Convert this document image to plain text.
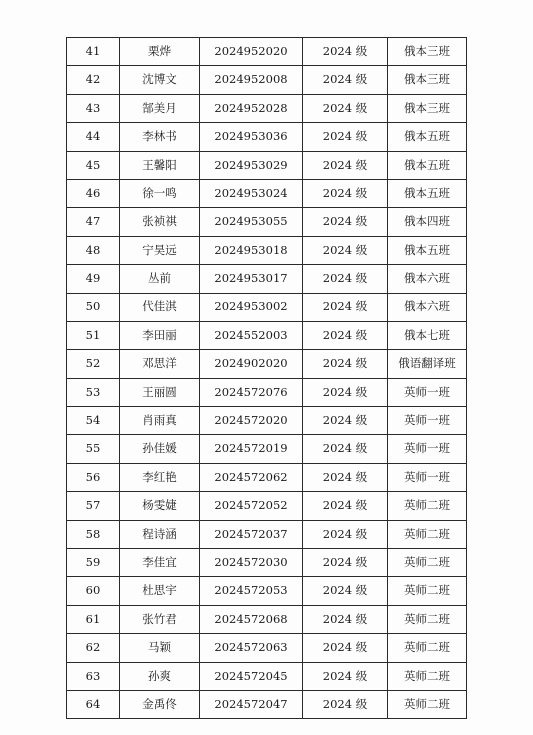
41	栗烨	2024952020	2024 级	俄本三班
42	沈博文	2024952008	2024 级	俄本三班
43	郜美月	2024952028	2024 级	俄本三班
44	李林书	2024953036	2024 级	俄本五班
45	王馨阳	2024953029	2024 级	俄本五班
46	徐一鸣	2024953024	2024 级	俄本五班
47	张祯祺	2024953055	2024 级	俄本四班
48	宁昊远	2024953018	2024 级	俄本五班
49	丛前	2024953017	2024 级	俄本六班
50	代佳淇	2024953002	2024 级	俄本六班
51	李田丽	2024552003	2024 级	俄本七班
52	邓思洋	2024902020	2024 级	俄语翻译班
53	王丽圆	2024572076	2024 级	英师一班
54	肖雨真	2024572020	2024 级	英师一班
55	孙佳媛	2024572019	2024 级	英师一班
56	李红艳	2024572062	2024 级	英师一班
57	杨雯婕	2024572052	2024 级	英师二班
58	程诗涵	2024572037	2024 级	英师二班
59	李佳宜	2024572030	2024 级	英师二班
60	杜思宇	2024572053	2024 级	英师二班
61	张竹君	2024572068	2024 级	英师二班
62	马颖	2024572063	2024 级	英师二班
63	孙爽	2024572045	2024 级	英师二班
64	金禹佟	2024572047	2024 级	英师二班
